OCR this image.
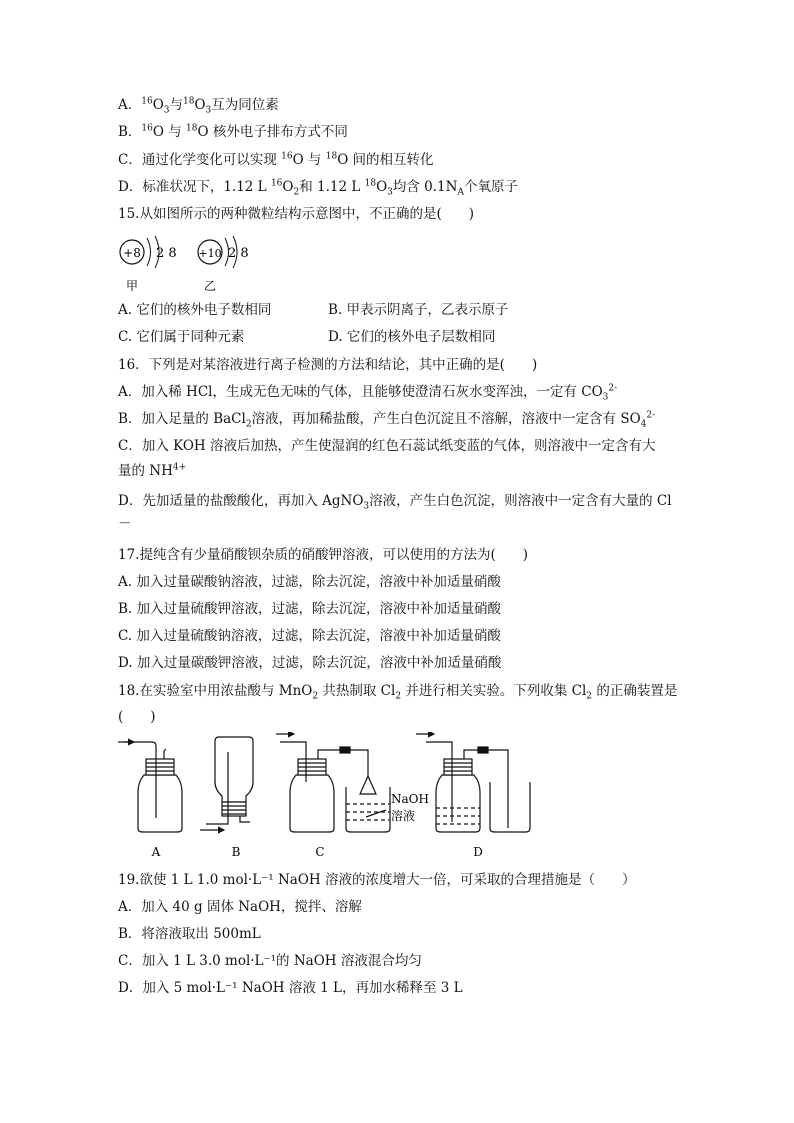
A．$^{16}O_3$与$^{18}O_3$互为同位素
B．$^{16}$O 与 $^{18}$O 核外电子排布方式不同
C．通过化学变化可以实现 $^{16}$O 与 $^{18}$O 间的相互转化
D．标准状况下，1.12 L $^{16}O_2$和 1.12 L $^{18}O_3$均含 $0.1N_A$个氧原子
15.从如图所示的两种微粒结构示意图中，不正确的是(　　)
+8 2 8
甲
+10 2 8
乙
A. 它们的核外电子数相同	B. 甲表示阴离子，乙表示原子
C. 它们属于同种元素	D. 它们的核外电子层数相同
16．下列是对某溶液进行离子检测的方法和结论，其中正确的是(　　)
A．加入稀 HCl，生成无色无味的气体，且能够使澄清石灰水变浑浊，一定有 $CO_3^{2-}$
B．加入足量的 BaCl$_2$溶液，再加稀盐酸，产生白色沉淀且不溶解，溶液中一定含有 $SO_4^{2-}$
C．加入 KOH 溶液后加热，产生使湿润的红色石蕊试纸变蓝的气体，则溶液中一定含有大
量的 $NH^{4+}$
D．先加适量的盐酸酸化，再加入 AgNO$_3$溶液，产生白色沉淀，则溶液中一定含有大量的 Cl
－
17.提纯含有少量硝酸钡杂质的硝酸钾溶液，可以使用的方法为(　　)
A. 加入过量碳酸钠溶液，过滤，除去沉淀，溶液中补加适量硝酸
B. 加入过量硫酸钾溶液，过滤，除去沉淀，溶液中补加适量硝酸
C. 加入过量硫酸钠溶液，过滤，除去沉淀，溶液中补加适量硝酸
D. 加入过量碳酸钾溶液，过滤，除去沉淀，溶液中补加适量硝酸
18.在实验室中用浓盐酸与 MnO$_2$ 共热制取 $Cl_2$ 并进行相关实验。下列收集 $Cl_2$ 的正确装置是
(　　)
A	B	C
NaOH
溶液
D
19.欲使 1 L 1.0 mol·L⁻¹ NaOH 溶液的浓度增大一倍，可采取的合理措施是（　　）
A．加入 40 g 固体 NaOH，搅拌、溶解
B．将溶液取出 500mL
C．加入 1 L 3.0 mol·L⁻¹的 NaOH 溶液混合均匀
D．加入 5 mol·L⁻¹ NaOH 溶液 1 L，再加水稀释至 3 L
